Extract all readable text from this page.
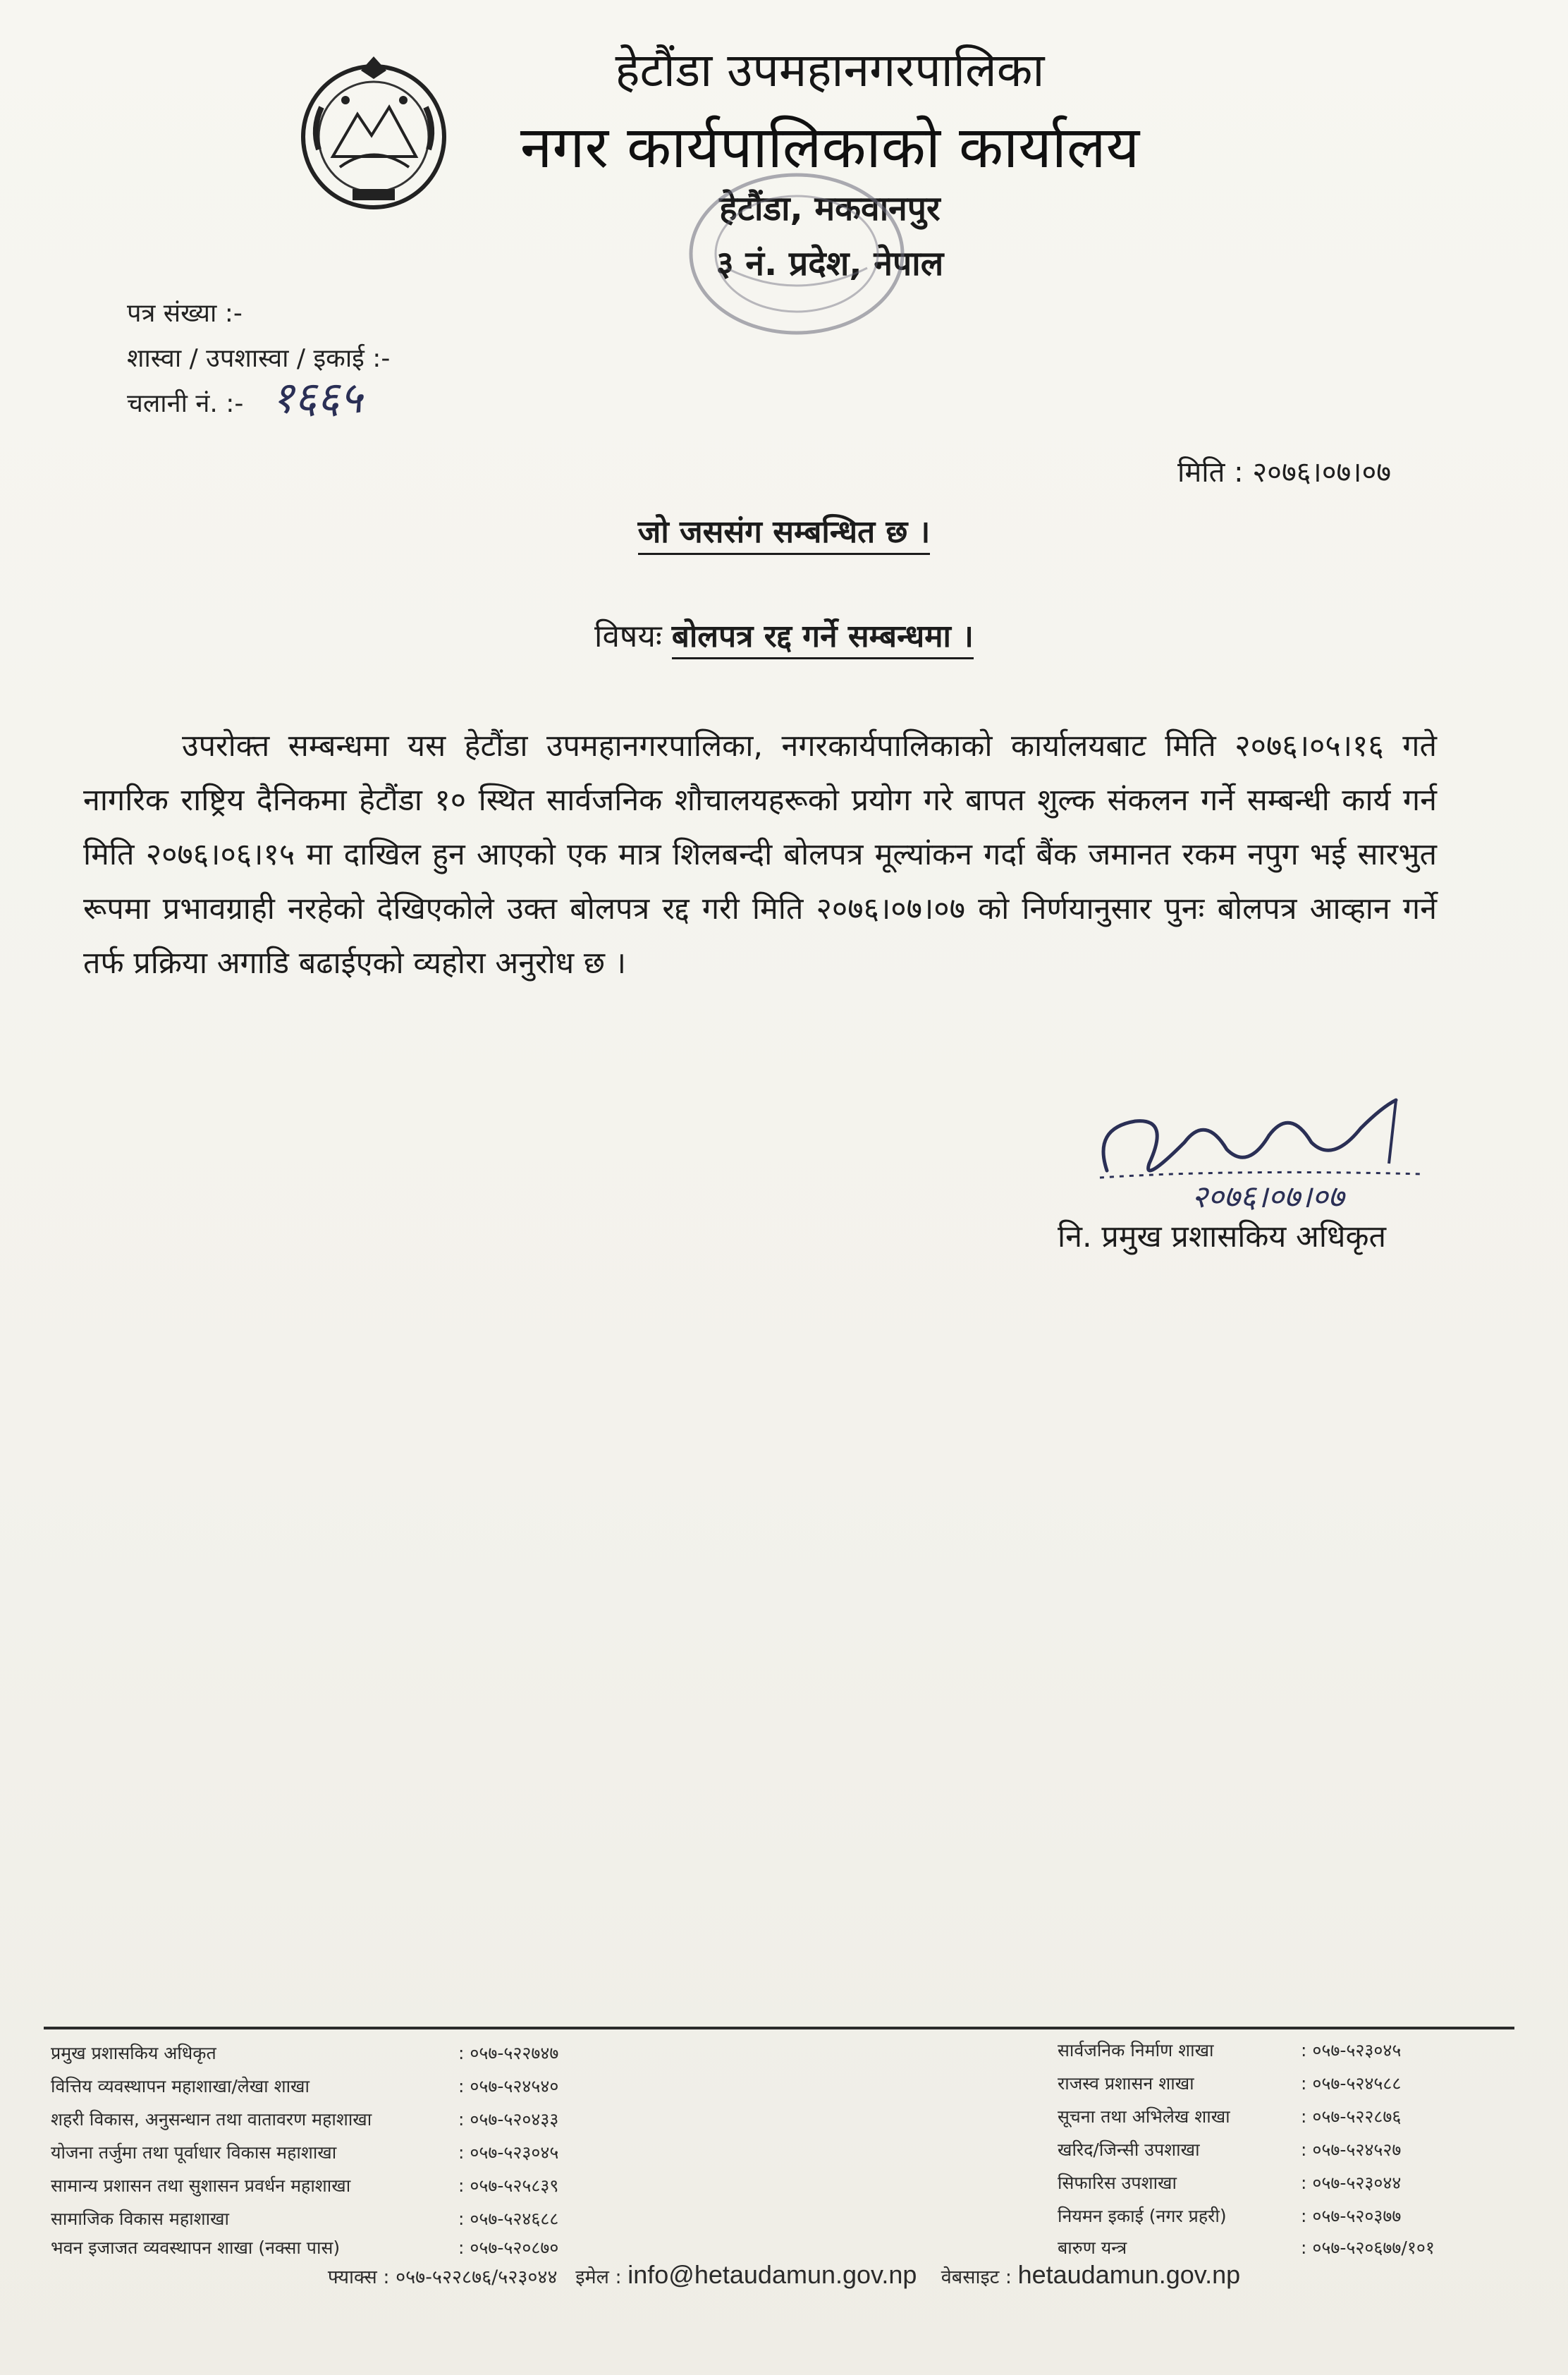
हेटौंडा उपमहानगरपालिका
नगर कार्यपालिकाको कार्यालय
हेटौंडा, मकवानपुर
३ नं. प्रदेश, नेपाल
पत्र संख्या :-
शास्वा / उपशास्वा / इकाई :-
चलानी नं. :- १६६५
मिति : २०७६।०७।०७
जो जससंग सम्बन्धित छ ।
विषयः बोलपत्र रद्द गर्ने सम्बन्धमा ।
उपरोक्त सम्बन्धमा यस हेटौंडा उपमहानगरपालिका, नगरकार्यपालिकाको कार्यालयबाट मिति २०७६।०५।१६ गते नागरिक राष्ट्रिय दैनिकमा हेटौंडा १० स्थित सार्वजनिक शौचालयहरूको प्रयोग गरे बापत शुल्क संकलन गर्ने सम्बन्धी कार्य गर्न मिति २०७६।०६।१५ मा दाखिल हुन आएको एक मात्र शिलबन्दी बोलपत्र मूल्यांकन गर्दा बैंक जमानत रकम नपुग भई सारभुत रूपमा प्रभावग्राही नरहेको देखिएकोले उक्त बोलपत्र रद्द गरी मिति २०७६।०७।०७ को निर्णयानुसार पुनः बोलपत्र आव्हान गर्ने तर्फ प्रक्रिया अगाडि बढाईएको व्यहोरा अनुरोध छ ।
२०७६।०७।०७
नि. प्रमुख प्रशासकिय अधिकृत
प्रमुख प्रशासकिय अधिकृत	: ०५७-५२२७४७
वित्तिय व्यवस्थापन महाशाखा/लेखा शाखा	: ०५७-५२४५४०
शहरी विकास, अनुसन्धान तथा वातावरण महाशाखा	: ०५७-५२०४३३
योजना तर्जुमा तथा पूर्वाधार विकास महाशाखा	: ०५७-५२३०४५
सामान्य प्रशासन तथा सुशासन प्रवर्धन महाशाखा	: ०५७-५२५८३९
सामाजिक विकास महाशाखा	: ०५७-५२४६८८
भवन इजाजत व्यवस्थापन शाखा (नक्सा पास)	: ०५७-५२०८७०
सार्वजनिक निर्माण शाखा	: ०५७-५२३०४५
राजस्व प्रशासन शाखा	: ०५७-५२४५८८
सूचना तथा अभिलेख शाखा	: ०५७-५२२८७६
खरिद/जिन्सी उपशाखा	: ०५७-५२४५२७
सिफारिस उपशाखा	: ०५७-५२३०४४
नियमन इकाई (नगर प्रहरी)	: ०५७-५२०३७७
बारुण यन्त्र	: ०५७-५२०६७७/१०१
फ्याक्स : ०५७-५२२८७६/५२३०४४ इमेल : info@hetaudamun.gov.np वेबसाइट : hetaudamun.gov.np
